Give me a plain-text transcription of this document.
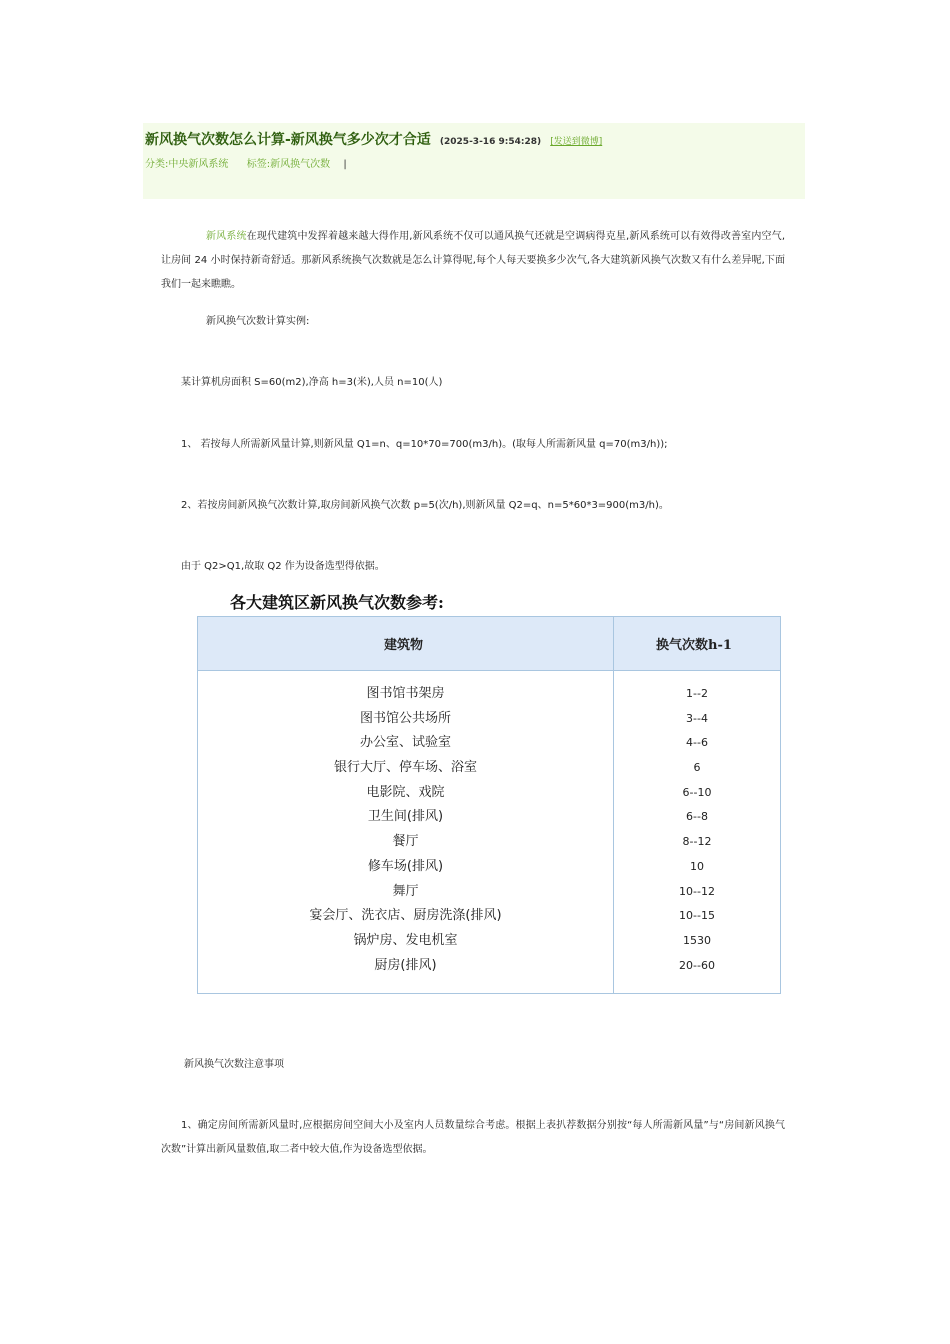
新风换气次数怎么计算-新风换气多少次才合适 (2025-3-16 9:54:28) [发送到微博]
分类:中央新风系统 标签:新风换气次数 |
新风系统在现代建筑中发挥着越来越大得作用,新风系统不仅可以通风换气还就是空调病得克星,新风系统可以有效得改善室内空气,让房间 24 小时保持新奇舒适。那新风系统换气次数就是怎么计算得呢,每个人每天要换多少次气,各大建筑新风换气次数又有什么差异呢,下面我们一起来瞧瞧。
新风换气次数计算实例:
某计算机房面积 S=60(m2),净高 h=3(米),人员 n=10(人)
1、 若按每人所需新风量计算,则新风量 Q1=n、q=10*70=700(m3/h)。(取每人所需新风量 q=70(m3/h));
2、若按房间新风换气次数计算,取房间新风换气次数 p=5(次/h),则新风量 Q2=q、n=5*60*3=900(m3/h)。
由于 Q2>Q1,故取 Q2 作为设备选型得依据。
各大建筑区新风换气次数参考:
建筑物	换气次数h-1
图书馆书架房	1--2
图书馆公共场所	3--4
办公室、试验室	4--6
银行大厅、停车场、浴室	6
电影院、戏院	6--10
卫生间(排风)	6--8
餐厅	8--12
修车场(排风)	10
舞厅	10--12
宴会厅、洗衣店、厨房洗涤(排风)	10--15
锅炉房、发电机室	1530
厨房(排风)	20--60
新风换气次数注意事项
1、确定房间所需新风量时,应根据房间空间大小及室内人员数量综合考虑。根据上表扒荐数据分别按“每人所需新风量”与“房间新风换气次数”计算出新风量数值,取二者中较大值,作为设备选型依据。
